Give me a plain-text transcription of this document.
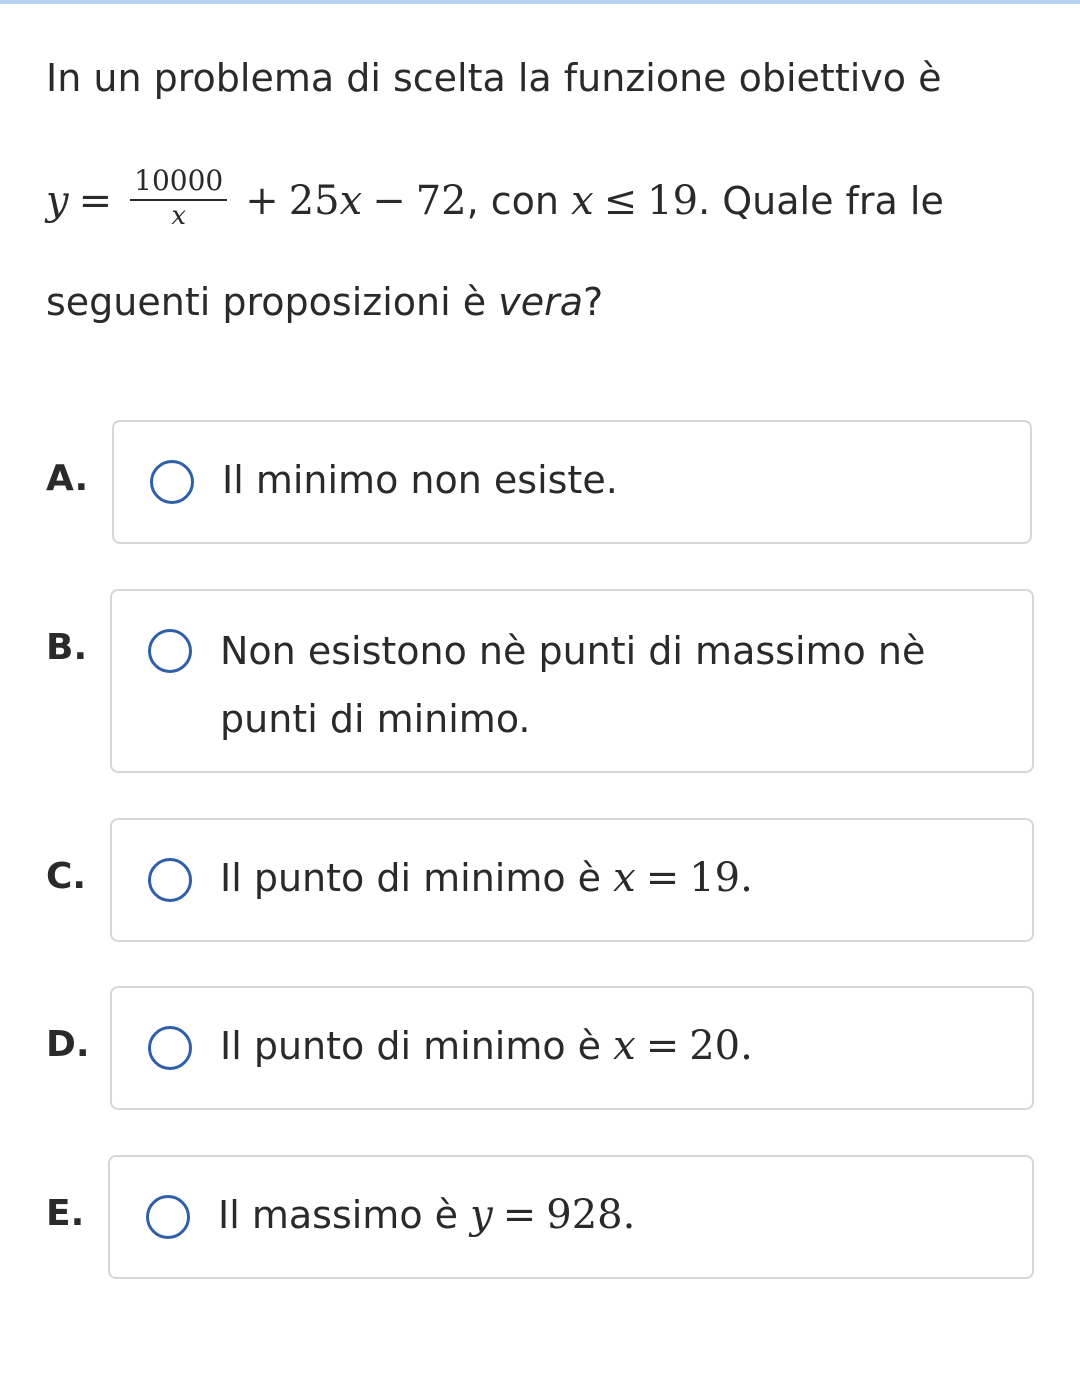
In un problema di scelta la funzione obiettivo è
$y = \frac{10000}{x} + 25x - 72$, con x ≤ 19. Quale fra le
seguenti proposizioni è vera?
A.	Il minimo non esiste.
B.	Non esistono nè punti di massimo nè punti di minimo.
C.	Il punto di minimo è x = 19.
D.	Il punto di minimo è x = 20.
E.	Il massimo è y = 928.
